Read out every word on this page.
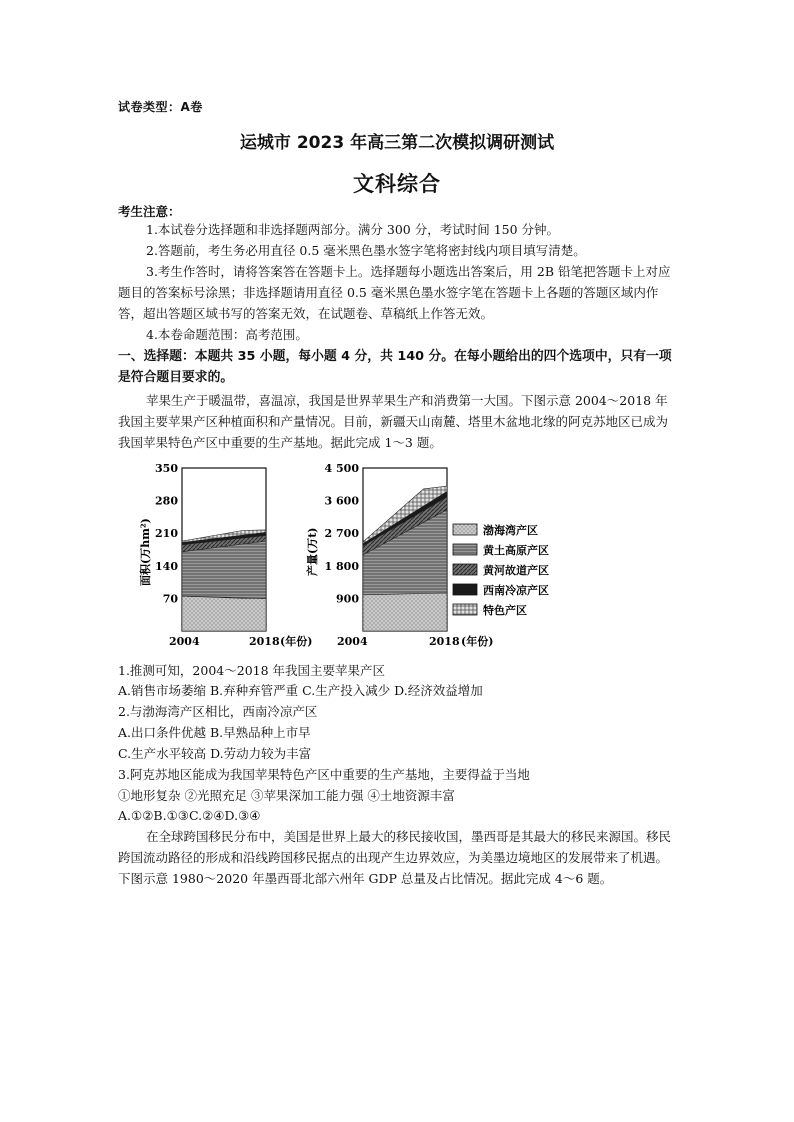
试卷类型：A卷
运城市 2023 年高三第二次模拟调研测试
文科综合
考生注意：
1.本试卷分选择题和非选择题两部分。满分 300 分，考试时间 150 分钟。
2.答题前，考生务必用直径 0.5 毫米黑色墨水签字笔将密封线内项目填写清楚。
3.考生作答时，请将答案答在答题卡上。选择题每小题选出答案后，用 2B 铅笔把答题卡上对应题目的答案标号涂黑；非选择题请用直径 0.5 毫米黑色墨水签字笔在答题卡上各题的答题区域内作答，超出答题区域书写的答案无效，在试题卷、草稿纸上作答无效。
4.本卷命题范围：高考范围。
一、选择题：本题共 35 小题，每小题 4 分，共 140 分。在每小题给出的四个选项中，只有一项是符合题目要求的。
苹果生产于暖温带，喜温凉，我国是世界苹果生产和消费第一大国。下图示意 2004～2018 年我国主要苹果产区种植面积和产量情况。目前，新疆天山南麓、塔里木盆地北缘的阿克苏地区已成为我国苹果特色产区中重要的生产基地。据此完成 1～3 题。
70
140
210
280
350
面积(万hm²)
2004	2018 (年份)
900
1 800
2 700
3 600
4 500
产量(万t)
2004	2018 (年份)
渤海湾产区
黄土高原产区
黄河故道产区
西南冷凉产区
特色产区
1.推测可知，2004～2018 年我国主要苹果产区
A.销售市场萎缩 B.弃种弃管严重 C.生产投入减少 D.经济效益增加
2.与渤海湾产区相比，西南冷凉产区
A.出口条件优越 B.早熟品种上市早
C.生产水平较高 D.劳动力较为丰富
3.阿克苏地区能成为我国苹果特色产区中重要的生产基地，主要得益于当地
①地形复杂 ②光照充足 ③苹果深加工能力强 ④土地资源丰富
A.①②B.①③C.②④D.③④
在全球跨国移民分布中，美国是世界上最大的移民接收国，墨西哥是其最大的移民来源国。移民跨国流动路径的形成和沿线跨国移民据点的出现产生边界效应，为美墨边境地区的发展带来了机遇。下图示意 1980～2020 年墨西哥北部六州年 GDP 总量及占比情况。据此完成 4～6 题。
